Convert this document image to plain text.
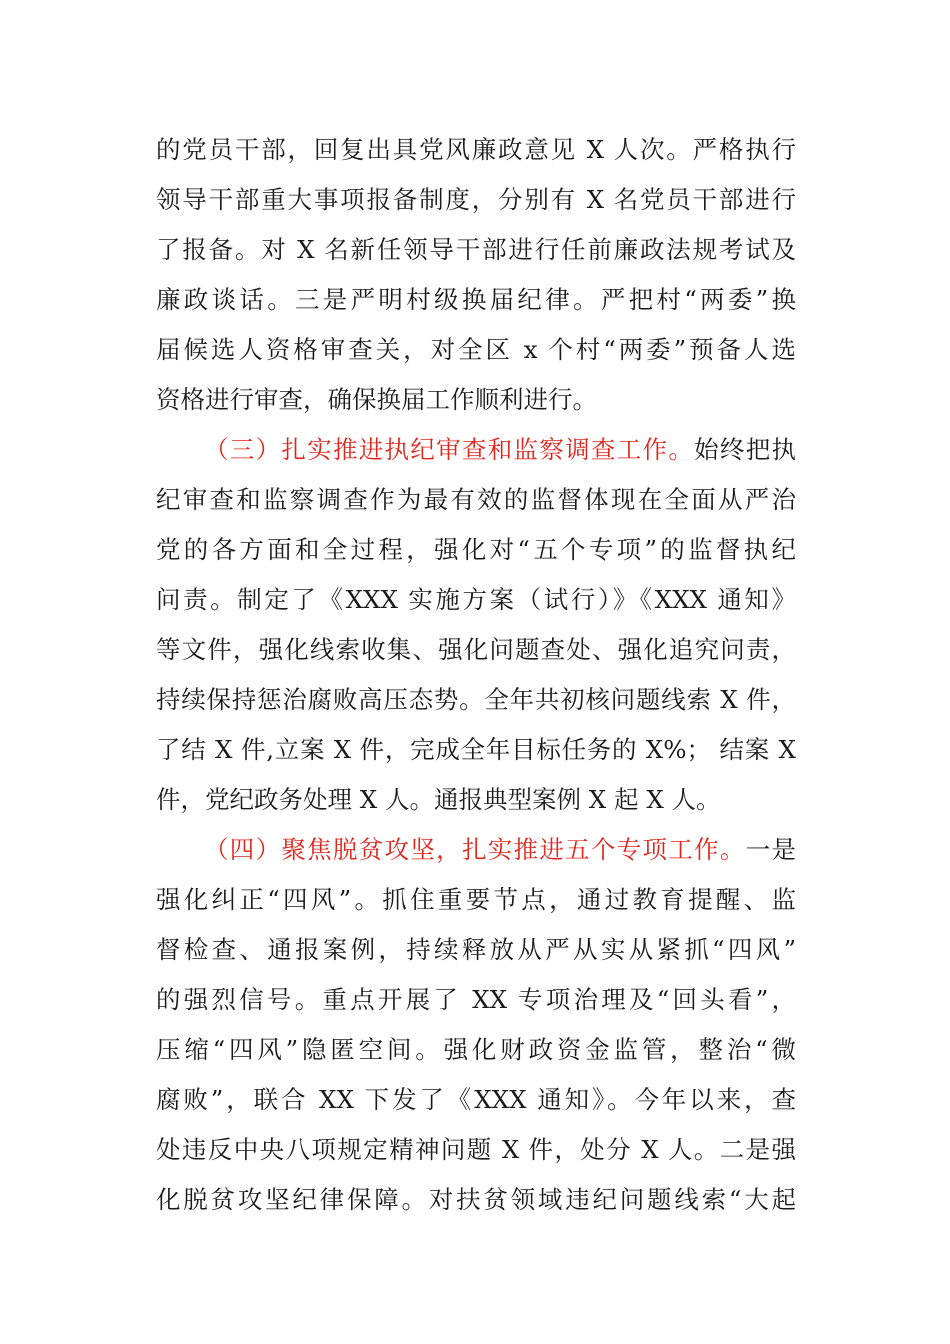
的党员干部，回复出具党风廉政意见 X 人次。严格执行
领导干部重大事项报备制度，分别有 X 名党员干部进行
了报备。对 X 名新任领导干部进行任前廉政法规考试及
廉政谈话。三是严明村级换届纪律。严把村“两委”换
届候选人资格审查关，对全区 x 个村“两委”预备人选
资格进行审查，确保换届工作顺利进行。
（三）扎实推进执纪审查和监察调查工作。始终把执
纪审查和监察调查作为最有效的监督体现在全面从严治
党的各方面和全过程，强化对“五个专项”的监督执纪
问责。制定了《XXX 实施方案（试行）》《XXX 通知》
等文件，强化线索收集、强化问题查处、强化追究问责，
持续保持惩治腐败高压态势。全年共初核问题线索 X 件，
了结 X 件,立案 X 件，完成全年目标任务的 X%； 结案 X
件，党纪政务处理 X 人。通报典型案例 X 起 X 人。
（四）聚焦脱贫攻坚，扎实推进五个专项工作。一是
强化纠正“四风”。抓住重要节点，通过教育提醒、监
督检查、通报案例，持续释放从严从实从紧抓“四风”
的强烈信号。重点开展了 XX 专项治理及“回头看”，
压缩“四风”隐匿空间。强化财政资金监管，整治“微
腐败”，联合 XX 下发了《XXX 通知》。今年以来，查
处违反中央八项规定精神问题 X 件，处分 X 人。二是强
化脱贫攻坚纪律保障。对扶贫领域违纪问题线索“大起
